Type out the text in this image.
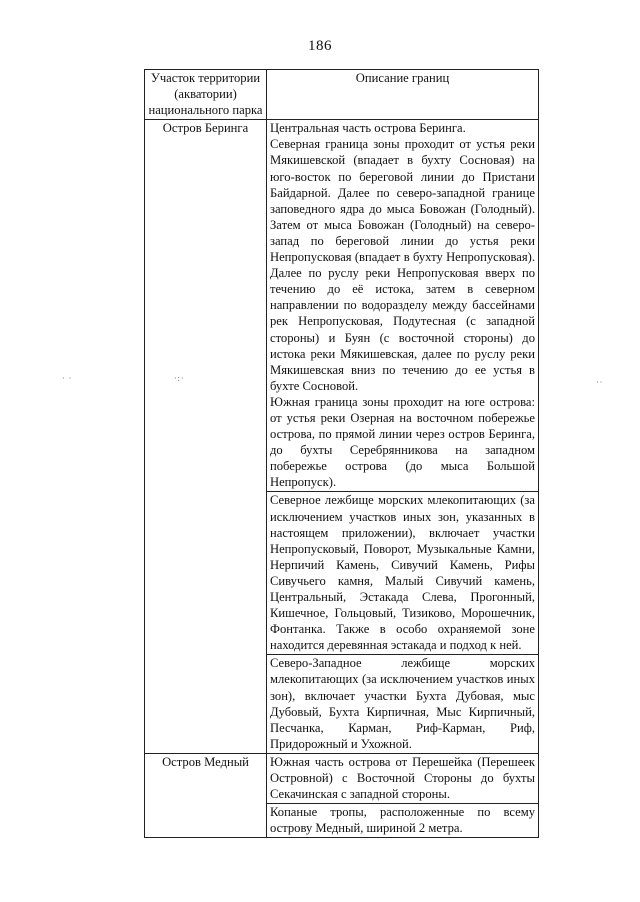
186
· ·	·:·	··
Участок территории (акватории) национального парка	Описание границ
Остров Беринга	Центральная часть острова Беринга.

Северная граница зоны проходит от устья реки Мякишевской (впадает в бухту Сосновая) на юго-восток по береговой линии до Пристани Байдарной. Далее по северо-западной границе заповедного ядра до мыса Бовожан (Голодный). Затем от мыса Бовожан (Голодный) на северо-запад по береговой линии до устья реки Непропусковая (впадает в бухту Непропусковая). Далее по руслу реки Непропусковая вверх по течению до её истока, затем в северном направлении по водоразделу между бассейнами рек Непропусковая, Подутесная (с западной стороны) и Буян (с восточной стороны) до истока реки Мякишевская, далее по руслу реки Мякишевская вниз по течению до ее устья в бухте Сосновой.

Южная граница зоны проходит на юге острова: от устья реки Озерная на восточном побережье острова, по прямой линии через остров Беринга, до бухты Серебрянникова на западном побережье острова (до мыса Большой Непропуск).

	Северное лежбище морских млекопитающих (за исключением участков иных зон, указанных в настоящем приложении), включает участки Непропусковый, Поворот, Музыкальные Камни, Нерпичий Камень, Сивучий Камень, Рифы Сивучьего камня, Малый Сивучий камень, Центральный, Эстакада Слева, Прогонный, Кишечное, Гольцовый, Тизиково, Морошечник, Фонтанка. Также в особо охраняемой зоне находится деревянная эстакада и подход к ней.

	Северо-Западное лежбище морских млекопитающих (за исключением участков иных зон), включает участки Бухта Дубовая, мыс Дубовый, Бухта Кирпичная, Мыс Кирпичный, Песчанка, Карман, Риф-Карман, Риф, Придорожный и Ухожной.

Остров Медный	Южная часть острова от Перешейка (Перешеек Островной) с Восточной Стороны до бухты Секачинская с западной стороны.

	Копаные тропы, расположенные по всему острову Медный, шириной 2 метра.
